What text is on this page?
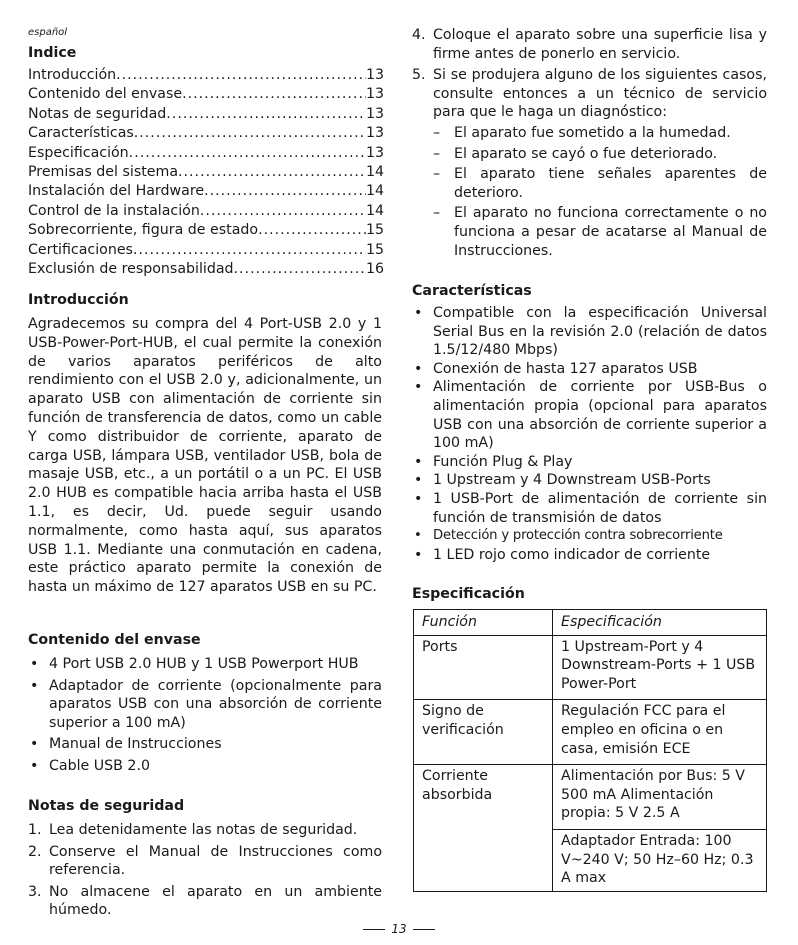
español
Indice
Introducción .....	13
Contenido del envase .....	13
Notas de seguridad .....	13
Características .....	13
Especificación .....	13
Premisas del sistema .....	14
Instalación del Hardware .....	14
Control de la instalación .....	14
Sobrecorriente, figura de estado .....	15
Certificaciones .....	15
Exclusión de responsabilidad .....	16
Introducción
Agradecemos su compra del 4 Port-USB 2.0 y 1 USB-Power-Port-HUB, el cual permite la conexión de varios aparatos periféricos de alto rendimiento con el USB 2.0 y, adicionalmente, un aparato USB con alimentación de corriente sin función de transferencia de datos, como un cable Y como distribuidor de corriente, aparato de carga USB, lámpara USB, ventilador USB, bola de masaje USB, etc., a un portátil o a un PC. El USB 2.0 HUB es compatible hacia arriba hasta el USB 1.1, es decir, Ud. puede seguir usando normalmente, como hasta aquí, sus aparatos USB 1.1. Mediante una conmutación en cadena, este práctico aparato permite la conexión de hasta un máximo de 127 aparatos USB en su PC.
Contenido del envase
• 4 Port USB 2.0 HUB y 1 USB Powerport HUB
• Adaptador de corriente (opcionalmente para aparatos USB con una absorción de corriente superior a 100 mA)
• Manual de Instrucciones
• Cable USB 2.0
Notas de seguridad
1. Lea detenidamente las notas de seguridad.
2. Conserve el Manual de Instrucciones como referencia.
3. No almacene el aparato en un ambiente húmedo.
4. Coloque el aparato sobre una superficie lisa y firme antes de ponerlo en servicio.
5. Si se produjera alguno de los siguientes casos, consulte entonces a un técnico de servicio para que le haga un diagnóstico:
– El aparato fue sometido a la humedad.
– El aparato se cayó o fue deteriorado.
– El aparato tiene señales aparentes de deterioro.
– El aparato no funciona correctamente o no funciona a pesar de acatarse al Manual de Instrucciones.
Características
• Compatible con la especificación Universal Serial Bus en la revisión 2.0 (relación de datos 1.5/12/480 Mbps)
• Conexión de hasta 127 aparatos USB
• Alimentación de corriente por USB-Bus o alimentación propia (opcional para aparatos USB con una absorción de corriente superior a 100 mA)
• Función Plug & Play
• 1 Upstream y 4 Downstream USB-Ports
• 1 USB-Port de alimentación de corriente sin función de transmisión de datos
• Detección y protección contra sobrecorriente
• 1 LED rojo como indicador de corriente
Especificación
Función	Especificación
Ports	1 Upstream-Port y 4 Downstream-Ports + 1 USB Power-Port
Signo de verificación	Regulación FCC para el empleo en oficina o en casa, emisión ECE
Corriente absorbida	Alimentación por Bus: 5 V 500 mA Alimentación propia: 5 V 2.5 A
	Adaptador Entrada: 100 V~240 V; 50 Hz–60 Hz; 0.3 A max
13
